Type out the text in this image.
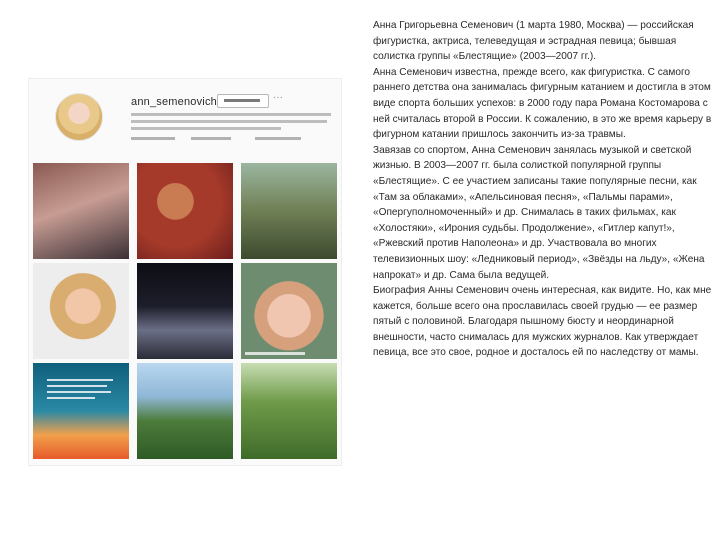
ann_semenovich	···

Анна Григорьевна Семенович (1 марта 1980, Москва) — российская фигуристка, актриса, телеведущая и эстрадная певица; бывшая солистка группы «Блестящие» (2003—2007 гг.).

Анна Семенович известна, прежде всего, как фигуристка. С самого раннего детства она занималась фигурным катанием и достигла в этом виде спорта больших успехов: в 2000 году пара Романа Костомарова с ней считалась второй в России. К сожалению, в это же время карьеру в фигурном катании пришлось закончить из-за травмы.

Завязав со спортом, Анна Семенович занялась музыкой и светской жизнью. В 2003—2007 гг. была солисткой популярной группы «Блестящие». С ее участием записаны такие популярные песни, как «Там за облаками», «Апельсиновая песня», «Пальмы парами», «Опергуполномоченный» и др. Снималась в таких фильмах, как «Холостяки», «Ирония судьбы. Продолжение», «Гитлер капут!», «Ржевский против Наполеона» и др. Участвовала во многих телевизионных шоу: «Ледниковый период», «Звёзды на льду», «Жена напрокат» и др. Сама была ведущей.

Биография Анны Семенович очень интересная, как видите. Но, как мне кажется, больше всего она прославилась своей грудью — ее размер пятый с половиной. Благодаря пышному бюсту и неординарной внешности, часто снималась для мужских журналов. Как утверждает певица, все это свое, родное и досталось ей по наследству от мамы.
